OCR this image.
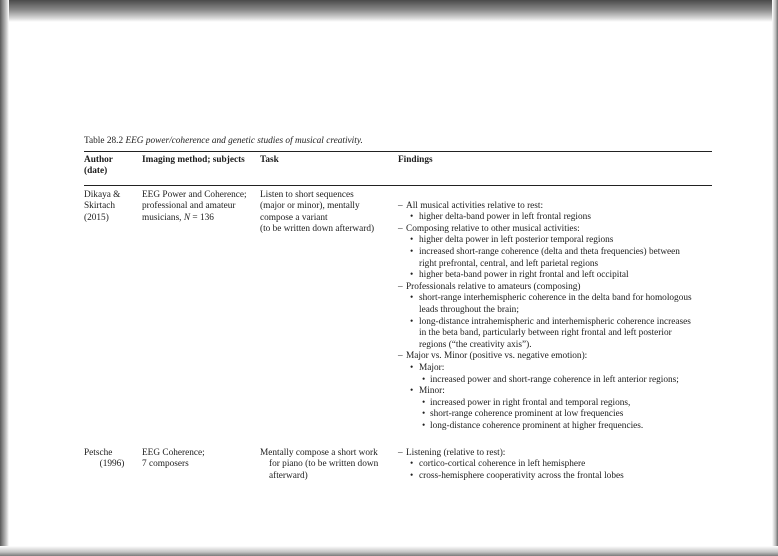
Table 28.2 EEG power/coherence and genetic studies of musical creativity.
Author
(date)
Imaging method; subjects	Task	Findings
Dikaya &
Skirtach
(2015)
EEG Power and Coherence;
professional and amateur
musicians, N = 136
Listen to short sequences
(major or minor), mentally
compose a variant
(to be written down afterward)
– All musical activities relative to rest:
• higher delta-band power in left frontal regions
– Composing relative to other musical activities:
• higher delta power in left posterior temporal regions
• increased short-range coherence (delta and theta frequencies) between
right prefrontal, central, and left parietal regions
• higher beta-band power in right frontal and left occipital
– Professionals relative to amateurs (composing)
• short-range interhemispheric coherence in the delta band for homologous
leads throughout the brain;
• long-distance intrahemispheric and interhemispheric coherence increases
in the beta band, particularly between right frontal and left posterior
regions (“the creativity axis”).
– Major vs. Minor (positive vs. negative emotion):
• Major:
• increased power and short-range coherence in left anterior regions;
• Minor:
• increased power in right frontal and temporal regions,
• short-range coherence prominent at low frequencies
• long-distance coherence prominent at higher frequencies.
Petsche
(1996)
EEG Coherence;
7 composers
Mentally compose a short work
for piano (to be written down
afterward)
– Listening (relative to rest):
• cortico-cortical coherence in left hemisphere
• cross-hemisphere cooperativity across the frontal lobes
